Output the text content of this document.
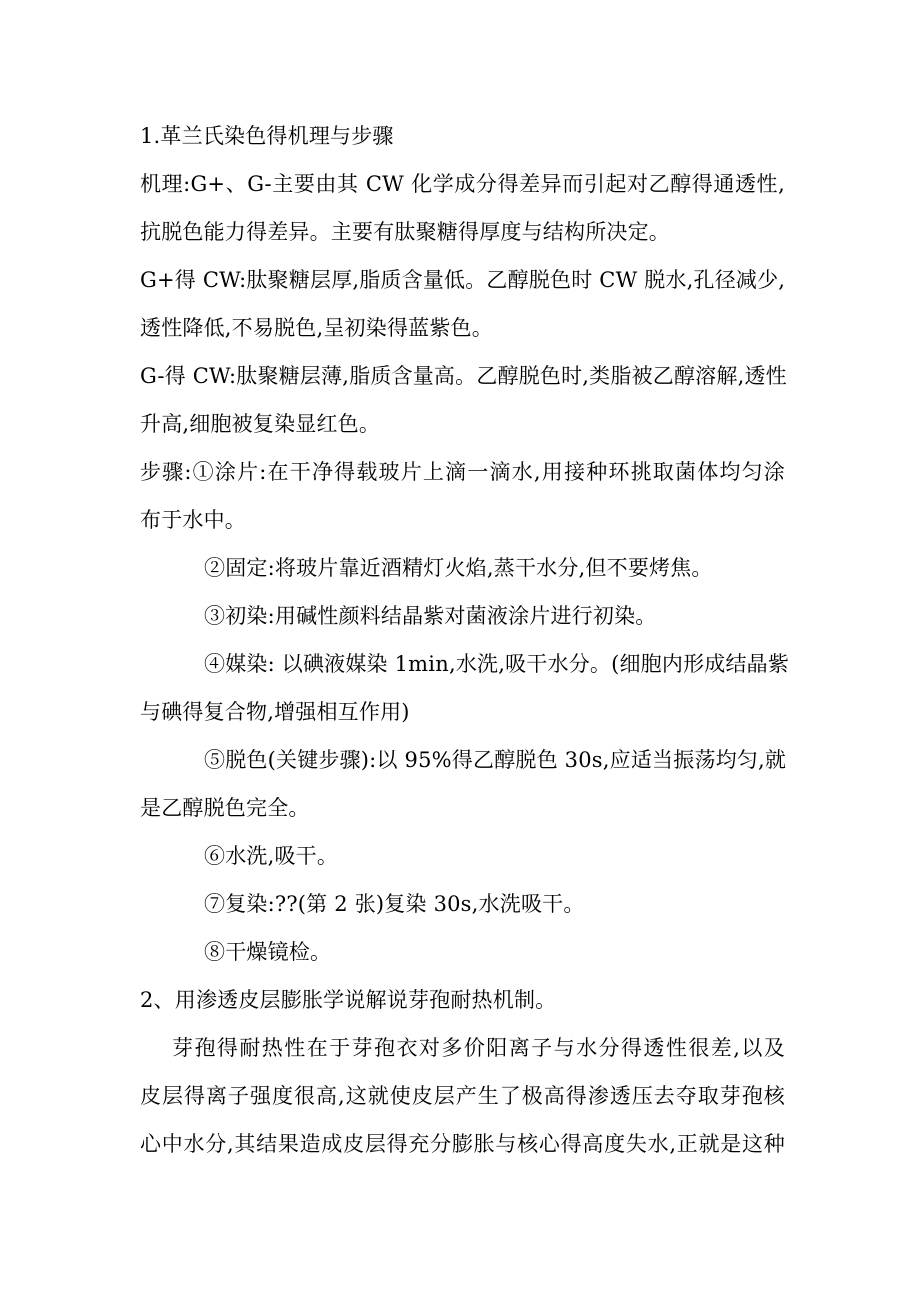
1.革兰氏染色得机理与步骤
机理:G+、G-主要由其 CW 化学成分得差异而引起对乙醇得通透性,
抗脱色能力得差异。主要有肽聚糖得厚度与结构所决定。
G+得 CW:肽聚糖层厚,脂质含量低。乙醇脱色时 CW 脱水,孔径减少,
透性降低,不易脱色,呈初染得蓝紫色。
G-得 CW:肽聚糖层薄,脂质含量高。乙醇脱色时,类脂被乙醇溶解,透性
升高,细胞被复染显红色。
步骤:①涂片:在干净得载玻片上滴一滴水,用接种环挑取菌体均匀涂
布于水中。
②固定:将玻片靠近酒精灯火焰,蒸干水分,但不要烤焦。
③初染:用碱性颜料结晶紫对菌液涂片进行初染。
④媒染: 以碘液媒染 1min,水洗,吸干水分。(细胞内形成结晶紫
与碘得复合物,增强相互作用)
⑤脱色(关键步骤):以 95%得乙醇脱色 30s,应适当振荡均匀,就
是乙醇脱色完全。
⑥水洗,吸干。
⑦复染:??(第 2 张)复染 30s,水洗吸干。
⑧干燥镜检。
2、用渗透皮层膨胀学说解说芽孢耐热机制。
芽孢得耐热性在于芽孢衣对多价阳离子与水分得透性很差,以及
皮层得离子强度很高,这就使皮层产生了极高得渗透压去夺取芽孢核
心中水分,其结果造成皮层得充分膨胀与核心得高度失水,正就是这种
